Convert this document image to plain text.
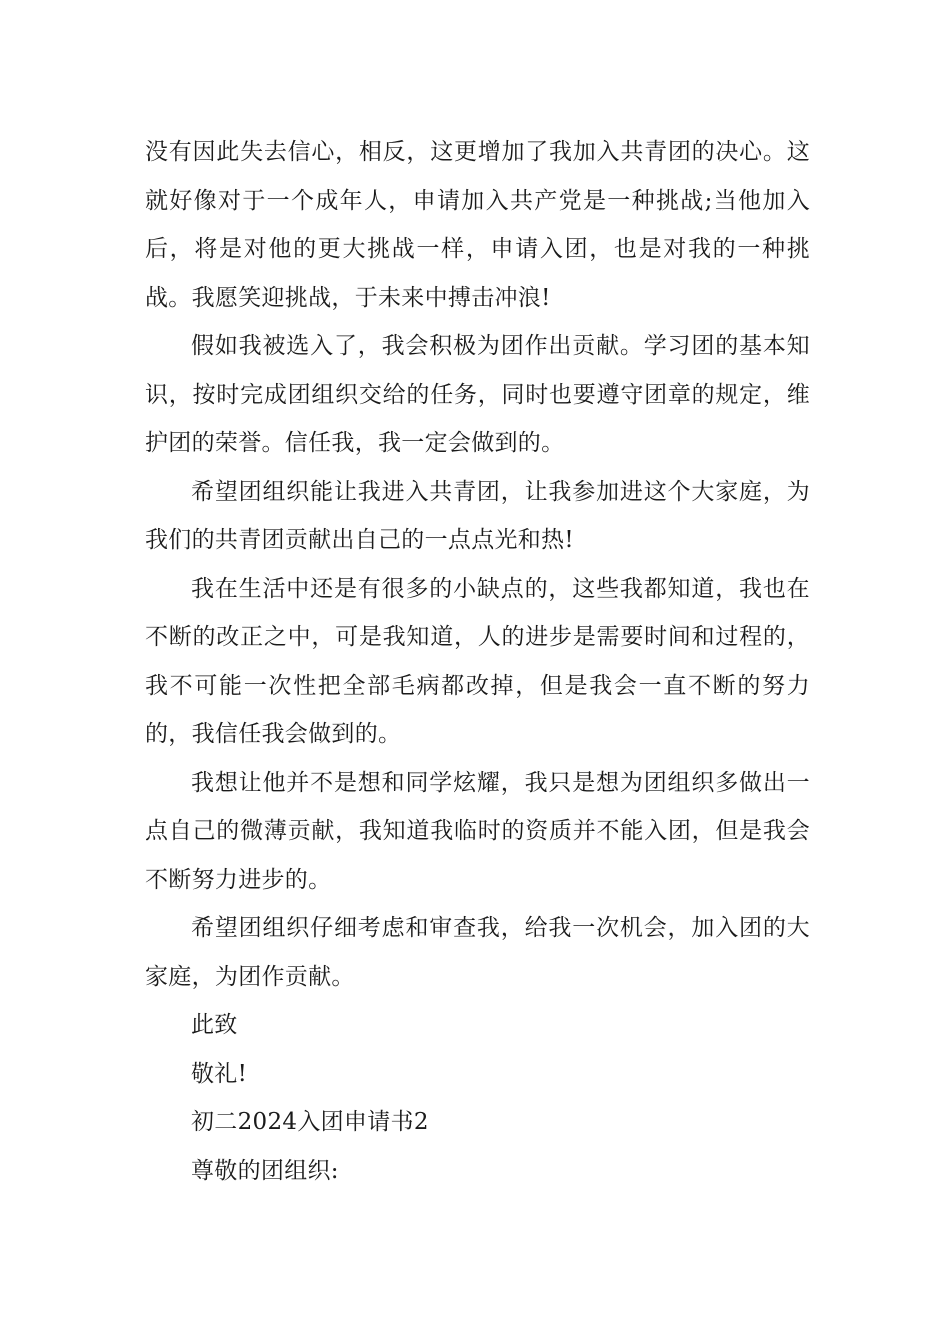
没有因此失去信心，相反，这更增加了我加入共青团的决心。这就好像对于一个成年人，申请加入共产党是一种挑战;当他加入后，将是对他的更大挑战一样，申请入团，也是对我的一种挑战。我愿笑迎挑战，于未来中搏击冲浪!

假如我被选入了，我会积极为团作出贡献。学习团的基本知识，按时完成团组织交给的任务，同时也要遵守团章的规定，维护团的荣誉。信任我，我一定会做到的。

希望团组织能让我进入共青团，让我参加进这个大家庭，为我们的共青团贡献出自己的一点点光和热!

我在生活中还是有很多的小缺点的，这些我都知道，我也在不断的改正之中，可是我知道，人的进步是需要时间和过程的，我不可能一次性把全部毛病都改掉，但是我会一直不断的努力的，我信任我会做到的。

我想让他并不是想和同学炫耀，我只是想为团组织多做出一点自己的微薄贡献，我知道我临时的资质并不能入团，但是我会不断努力进步的。

希望团组织仔细考虑和审查我，给我一次机会，加入团的大家庭，为团作贡献。

此致

敬礼!

初二2024入团申请书2

尊敬的团组织:
